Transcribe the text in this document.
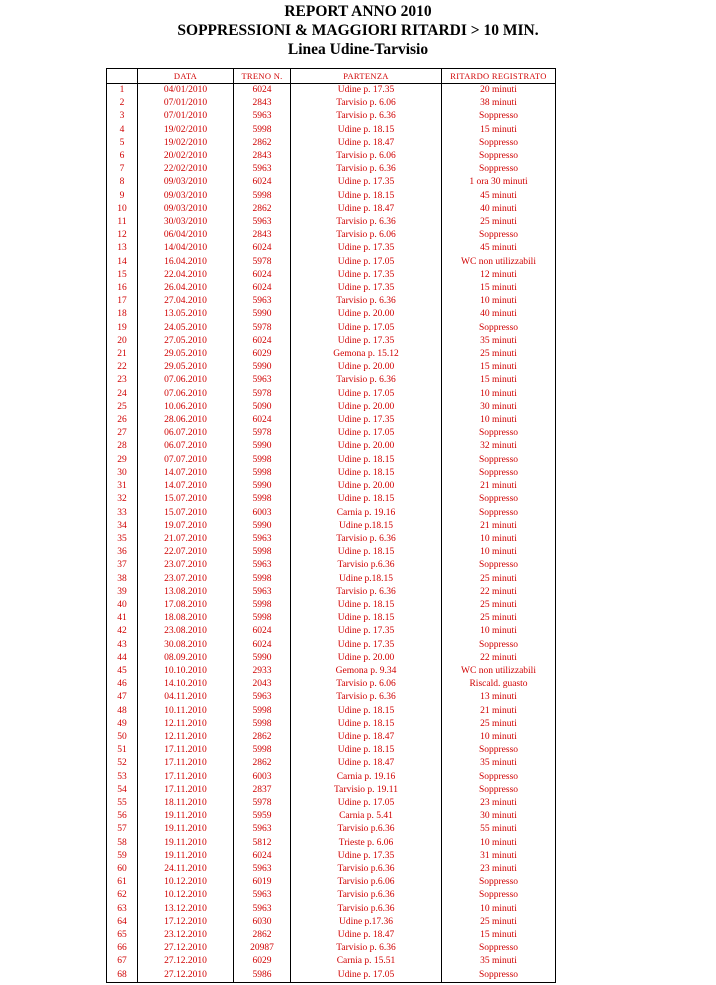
REPORT ANNO 2010
SOPPRESSIONI & MAGGIORI RITARDI > 10 MIN.
Linea Udine-Tarvisio
	DATA	TRENO N.	PARTENZA	RITARDO REGISTRATO
1	04/01/2010	6024	Udine p. 17.35	20 minuti
2	07/01/2010	2843	Tarvisio p. 6.06	38 minuti
3	07/01/2010	5963	Tarvisio p. 6.36	Soppresso
4	19/02/2010	5998	Udine p. 18.15	15 minuti
5	19/02/2010	2862	Udine p. 18.47	Soppresso
6	20/02/2010	2843	Tarvisio p. 6.06	Soppresso
7	22/02/2010	5963	Tarvisio p. 6.36	Soppresso
8	09/03/2010	6024	Udine p. 17.35	1 ora 30 minuti
9	09/03/2010	5998	Udine p. 18.15	45 minuti
10	09/03/2010	2862	Udine p. 18.47	40 minuti
11	30/03/2010	5963	Tarvisio p. 6.36	25 minuti
12	06/04/2010	2843	Tarvisio p. 6.06	Soppresso
13	14/04/2010	6024	Udine p. 17.35	45 minuti
14	16.04.2010	5978	Udine p. 17.05	WC non utilizzabili
15	22.04.2010	6024	Udine p. 17.35	12 minuti
16	26.04.2010	6024	Udine p. 17.35	15 minuti
17	27.04.2010	5963	Tarvisio p. 6.36	10 minuti
18	13.05.2010	5990	Udine p. 20.00	40 minuti
19	24.05.2010	5978	Udine p. 17.05	Soppresso
20	27.05.2010	6024	Udine p. 17.35	35 minuti
21	29.05.2010	6029	Gemona p. 15.12	25 minuti
22	29.05.2010	5990	Udine p. 20.00	15 minuti
23	07.06.2010	5963	Tarvisio p. 6.36	15 minuti
24	07.06.2010	5978	Udine p. 17.05	10 minuti
25	10.06.2010	5090	Udine p. 20.00	30 minuti
26	28.06.2010	6024	Udine p. 17.35	10 minuti
27	06.07.2010	5978	Udine p. 17.05	Soppresso
28	06.07.2010	5990	Udine p. 20.00	32 minuti
29	07.07.2010	5998	Udine p. 18.15	Soppresso
30	14.07.2010	5998	Udine p. 18.15	Soppresso
31	14.07.2010	5990	Udine p. 20.00	21 minuti
32	15.07.2010	5998	Udine p. 18.15	Soppresso
33	15.07.2010	6003	Carnia p. 19.16	Soppresso
34	19.07.2010	5990	Udine p.18.15	21 minuti
35	21.07.2010	5963	Tarvisio p. 6.36	10 minuti
36	22.07.2010	5998	Udine p. 18.15	10 minuti
37	23.07.2010	5963	Tarvisio p.6.36	Soppresso
38	23.07.2010	5998	Udine p.18.15	25 minuti
39	13.08.2010	5963	Tarvisio p. 6.36	22 minuti
40	17.08.2010	5998	Udine p. 18.15	25 minuti
41	18.08.2010	5998	Udine p. 18.15	25 minuti
42	23.08.2010	6024	Udine p. 17.35	10 minuti
43	30.08.2010	6024	Udine p. 17.35	Soppresso
44	08.09.2010	5990	Udine p. 20.00	22 minuti
45	10.10.2010	2933	Gemona p. 9.34	WC non utilizzabili
46	14.10.2010	2043	Tarvisio p. 6.06	Riscald. guasto
47	04.11.2010	5963	Tarvisio p. 6.36	13 minuti
48	10.11.2010	5998	Udine p. 18.15	21 minuti
49	12.11.2010	5998	Udine p. 18.15	25 minuti
50	12.11.2010	2862	Udine p. 18.47	10 minuti
51	17.11.2010	5998	Udine p. 18.15	Soppresso
52	17.11.2010	2862	Udine p. 18.47	35 minuti
53	17.11.2010	6003	Carnia p. 19.16	Soppresso
54	17.11.2010	2837	Tarvisio p. 19.11	Soppresso
55	18.11.2010	5978	Udine p. 17.05	23 minuti
56	19.11.2010	5959	Carnia p. 5.41	30 minuti
57	19.11.2010	5963	Tarvisio p.6.36	55 minuti
58	19.11.2010	5812	Trieste p. 6.06	10 minuti
59	19.11.2010	6024	Udine p. 17.35	31 minuti
60	24.11.2010	5963	Tarvisio p.6.36	23 minuti
61	10.12.2010	6019	Tarvisio p.6.06	Soppresso
62	10.12.2010	5963	Tarvisio p.6.36	Soppresso
63	13.12.2010	5963	Tarvisio p.6.36	10 minuti
64	17.12.2010	6030	Udine p.17.36	25 minuti
65	23.12.2010	2862	Udine p. 18.47	15 minuti
66	27.12.2010	20987	Tarvisio p. 6.36	Soppresso
67	27.12.2010	6029	Carnia p. 15.51	35 minuti
68	27.12.2010	5986	Udine p. 17.05	Soppresso
